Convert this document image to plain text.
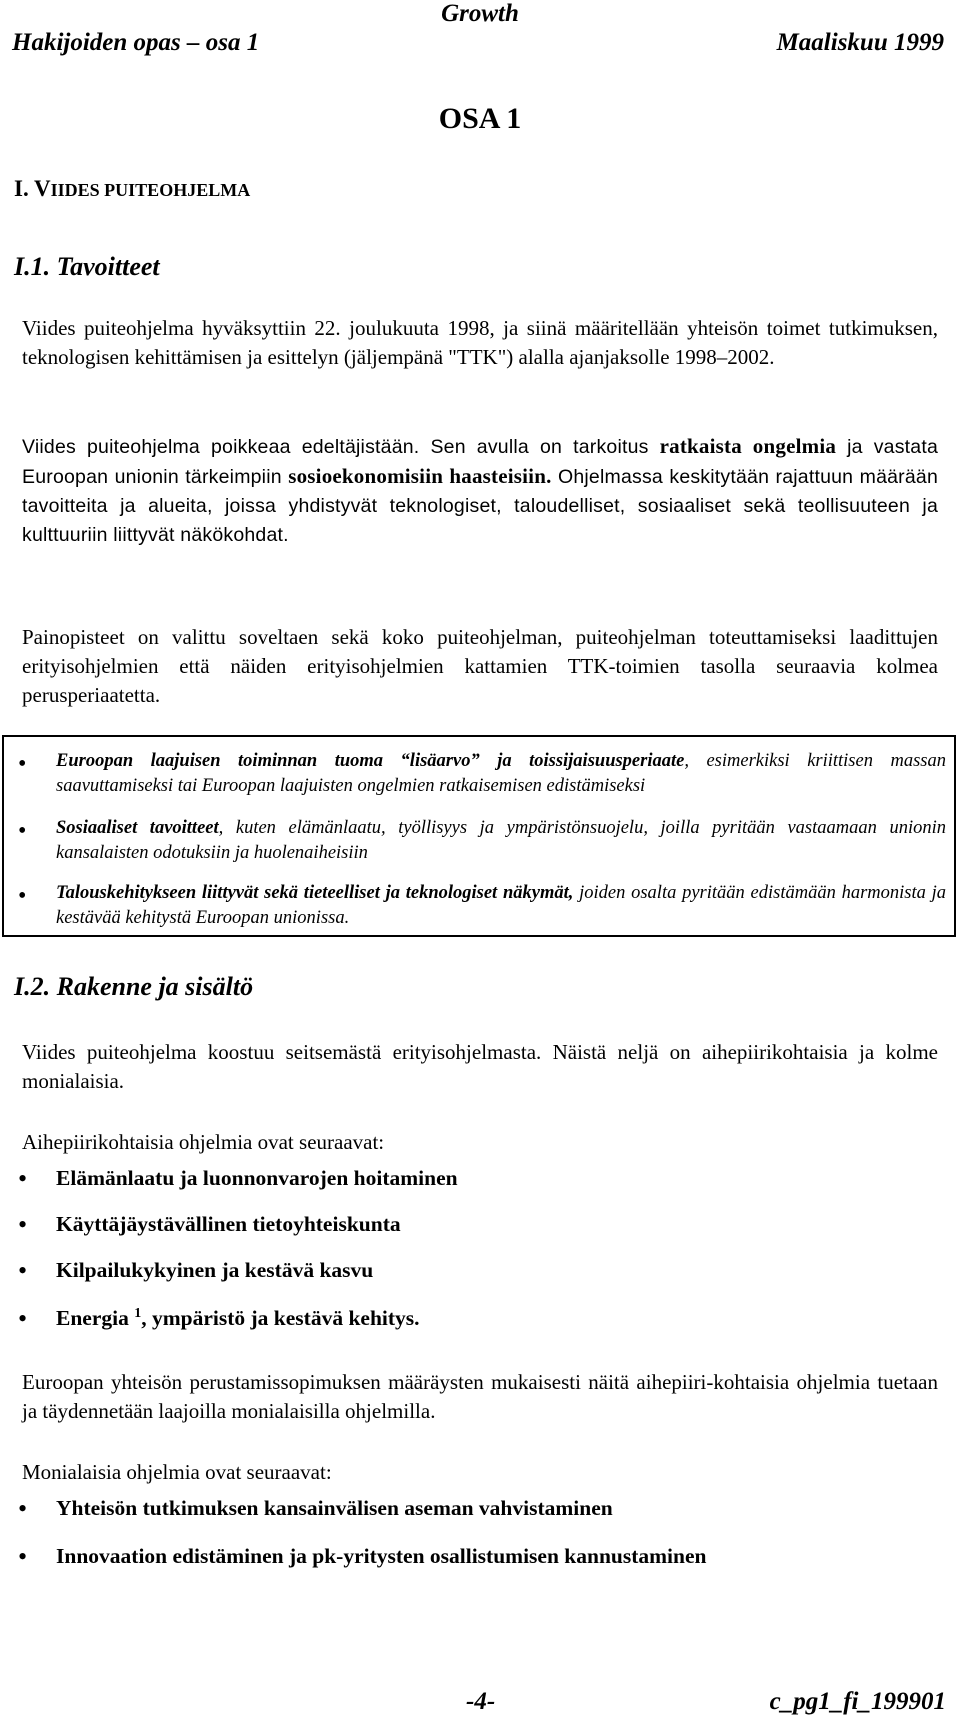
Growth
Hakijoiden opas – osa 1	Maaliskuu 1999
OSA 1
I. VIIDES PUITEOHJELMA
I.1. Tavoitteet
Viides puiteohjelma hyväksyttiin 22. joulukuuta 1998, ja siinä määritellään yhteisön toimet tutkimuksen, teknologisen kehittämisen ja esittelyn (jäljempänä "TTK") alalla ajanjaksolle 1998–2002.
Viides puiteohjelma poikkeaa edeltäjistään. Sen avulla on tarkoitus ratkaista ongelmia ja vastata Euroopan unionin tärkeimpiin sosioekonomisiin haasteisiin. Ohjelmassa keskitytään rajattuun määrään tavoitteita ja alueita, joissa yhdistyvät teknologiset, taloudelliset, sosiaaliset sekä teollisuuteen ja kulttuuriin liittyvät näkökohdat.
Painopisteet on valittu soveltaen sekä koko puiteohjelman, puiteohjelman toteuttamiseksi laadittujen erityisohjelmien että näiden erityisohjelmien kattamien TTK-toimien tasolla seuraavia kolmea perusperiaatetta.
• Euroopan laajuisen toiminnan tuoma “lisäarvo” ja toissijaisuusperiaate, esimerkiksi kriittisen massan saavuttamiseksi tai Euroopan laajuisten ongelmien ratkaisemisen edistämiseksi
• Sosiaaliset tavoitteet, kuten elämänlaatu, työllisyys ja ympäristönsuojelu, joilla pyritään vastaamaan unionin kansalaisten odotuksiin ja huolenaiheisiin
• Talouskehitykseen liittyvät sekä tieteelliset ja teknologiset näkymät, joiden osalta pyritään edistämään harmonista ja kestävää kehitystä Euroopan unionissa.
I.2. Rakenne ja sisältö
Viides puiteohjelma koostuu seitsemästä erityisohjelmasta. Näistä neljä on aihepiirikohtaisia ja kolme monialaisia.
Aihepiirikohtaisia ohjelmia ovat seuraavat:
• Elämänlaatu ja luonnonvarojen hoitaminen
• Käyttäjäystävällinen tietoyhteiskunta
• Kilpailukykyinen ja kestävä kasvu
• Energia $^1$, ympäristö ja kestävä kehitys.
Euroopan yhteisön perustamissopimuksen määräysten mukaisesti näitä aihepiiri-kohtaisia ohjelmia tuetaan ja täydennetään laajoilla monialaisilla ohjelmilla.
Monialaisia ohjelmia ovat seuraavat:
• Yhteisön tutkimuksen kansainvälisen aseman vahvistaminen
• Innovaation edistäminen ja pk-yritysten osallistumisen kannustaminen
-4-	c_pg1_fi_199901
